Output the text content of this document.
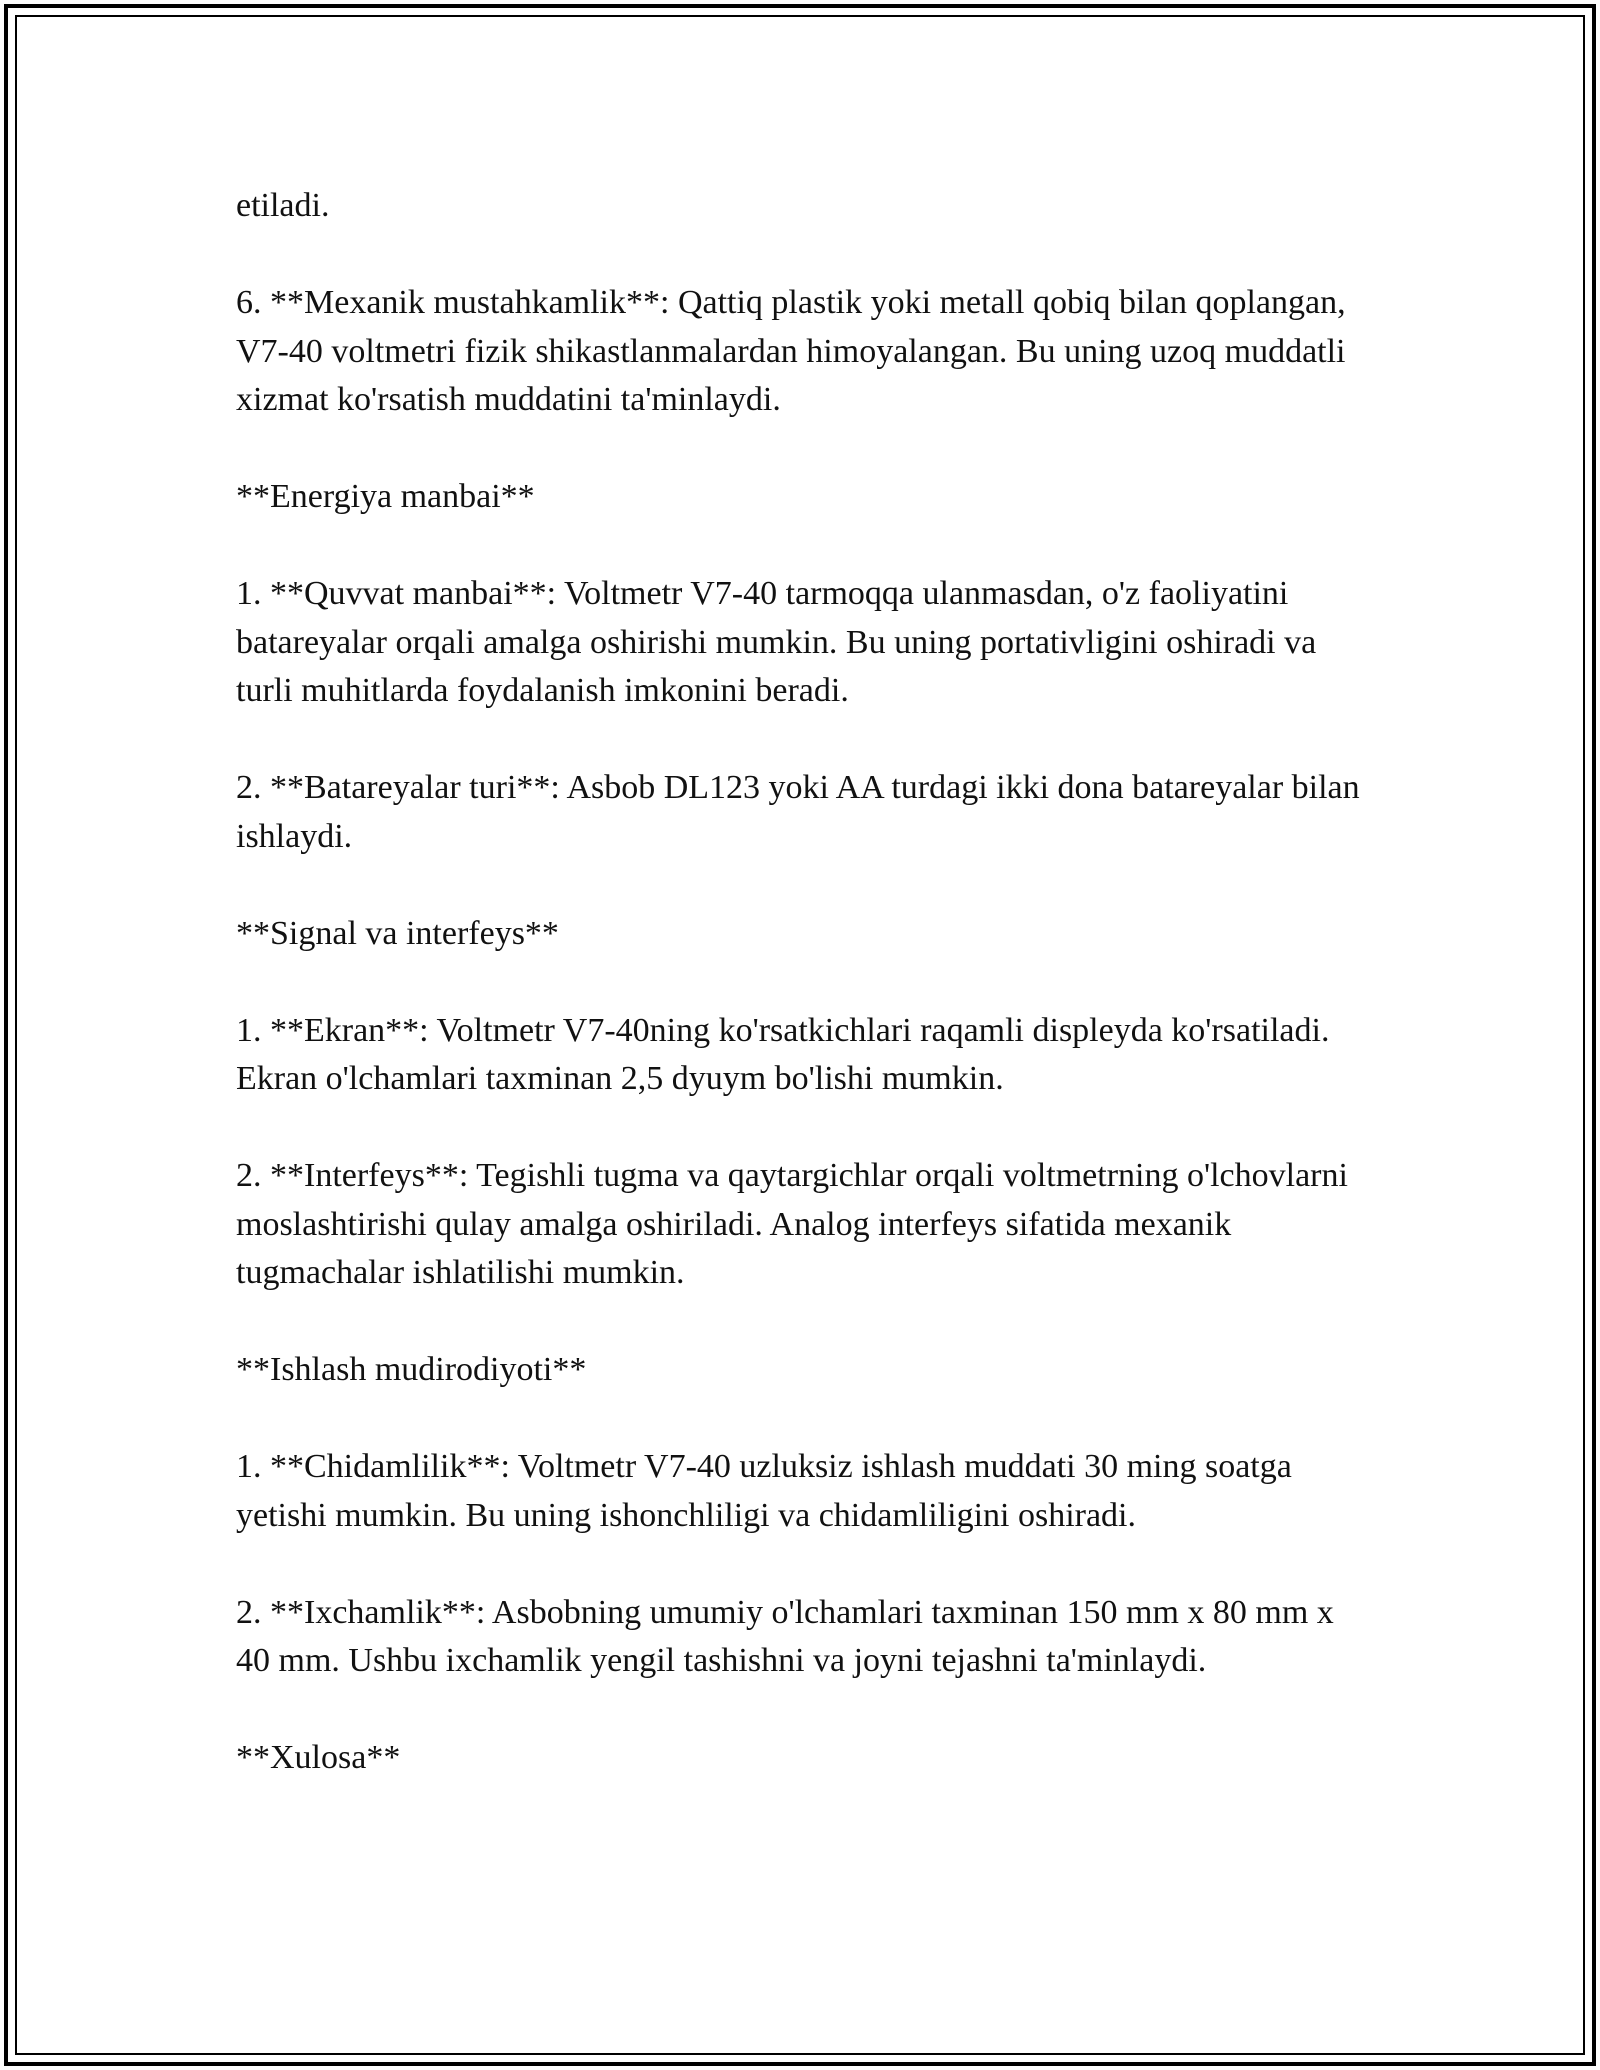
etiladi.

6. **Mexanik mustahkamlik**: Qattiq plastik yoki metall qobiq bilan qoplangan, V7-40 voltmetri fizik shikastlanmalardan himoyalangan. Bu uning uzoq muddatli xizmat ko'rsatish muddatini ta'minlaydi.

**Energiya manbai**

1. **Quvvat manbai**: Voltmetr V7-40 tarmoqqa ulanmasdan, o'z faoliyatini batareyalar orqali amalga oshirishi mumkin. Bu uning portativligini oshiradi va turli muhitlarda foydalanish imkonini beradi.

2. **Batareyalar turi**: Asbob DL123 yoki AA turdagi ikki dona batareyalar bilan ishlaydi.

**Signal va interfeys**

1. **Ekran**: Voltmetr V7-40ning ko'rsatkichlari raqamli displeyda ko'rsatiladi. Ekran o'lchamlari taxminan 2,5 dyuym bo'lishi mumkin.

2. **Interfeys**: Tegishli tugma va qaytargichlar orqali voltmetrning o'lchovlarni moslashtirishi qulay amalga oshiriladi. Analog interfeys sifatida mexanik tugmachalar ishlatilishi mumkin.

**Ishlash mudirodiyoti**

1. **Chidamlilik**: Voltmetr V7-40 uzluksiz ishlash muddati 30 ming soatga yetishi mumkin. Bu uning ishonchliligi va chidamliligini oshiradi.

2. **Ixchamlik**: Asbobning umumiy o'lchamlari taxminan 150 mm x 80 mm x 40 mm. Ushbu ixchamlik yengil tashishni va joyni tejashni ta'minlaydi.

**Xulosa**
